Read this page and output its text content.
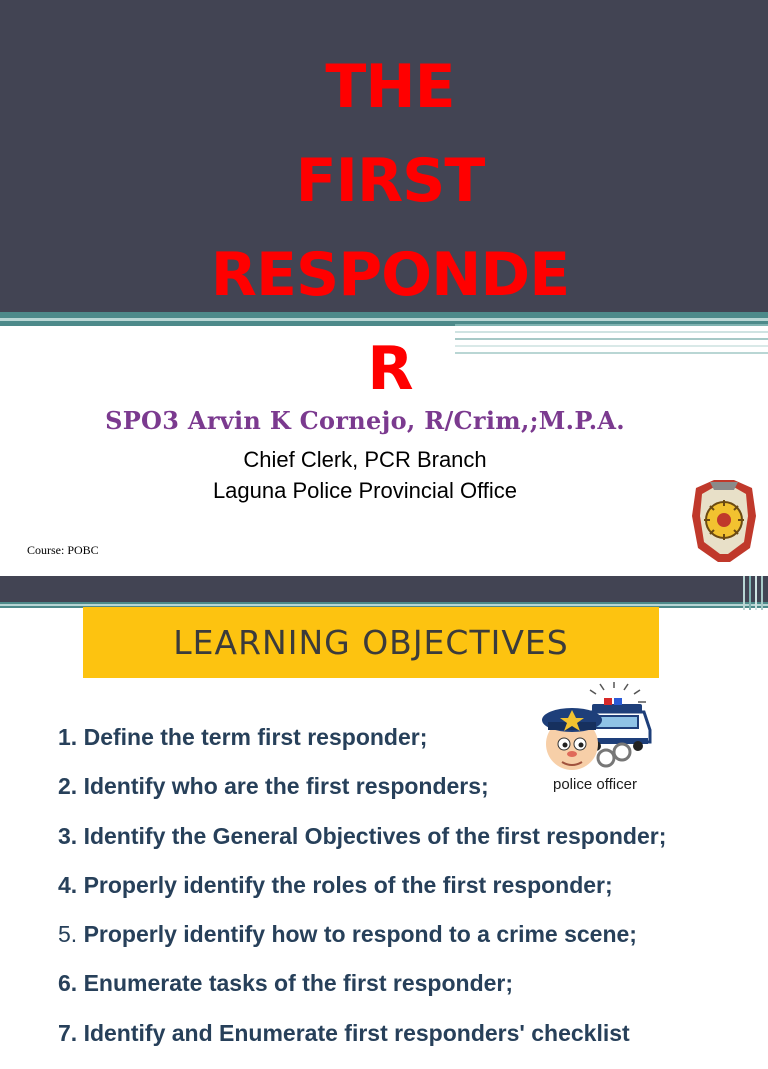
THE
FIRST
RESPONDE
R
SPO3 Arvin K Cornejo, R/Crim,;M.P.A.
Chief Clerk, PCR Branch
Laguna Police Provincial Office
Course: POBC
LEARNING OBJECTIVES
police officer
1. Define the term first responder;
2. Identify who are the first responders;
3. Identify the General Objectives of the first responder;
4. Properly identify the roles of the first responder;
5. Properly identify how to respond to a crime scene;
6. Enumerate tasks of the first responder;
7. Identify and Enumerate first responders' checklist
